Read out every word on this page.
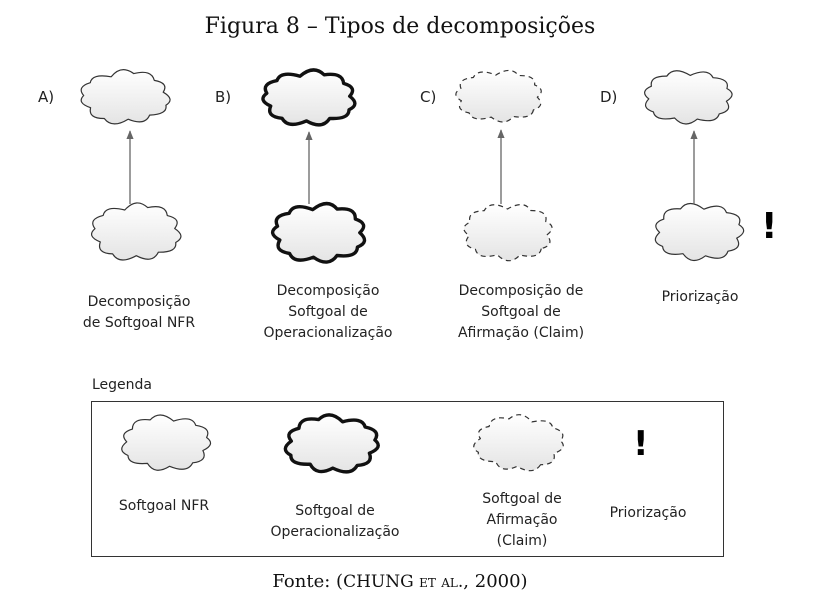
Figura 8 – Tipos de decomposições
A)
Decomposição
de Softgoal NFR
B)
Decomposição
Softgoal de
Operacionalização
C)
Decomposição de
Softgoal de
Afirmação (Claim)
D)
!
Priorização
Legenda
Softgoal NFR	Softgoal de
Operacionalização
Softgoal de
Afirmação
(Claim)
!
Priorização
Fonte: (CHUNG et al., 2000)
